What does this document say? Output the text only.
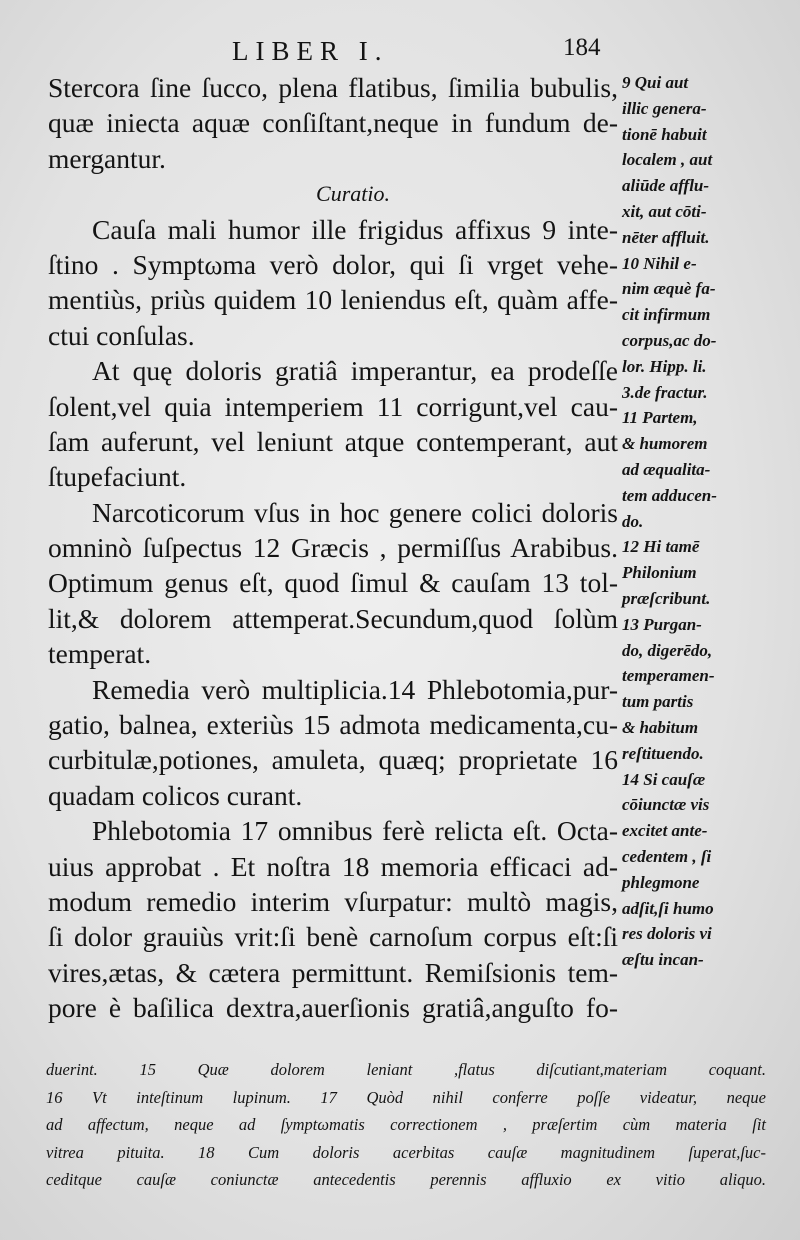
LIBER I.	184
Stercora ſine ſucco, plena flatibus, ſimilia bubulis,
quæ iniecta aquæ conſiſtant,neque in fundum de-
mergantur.
Curatio.
Cauſa mali humor ille frigidus affixus 9 inte-
ſtino . Symptωma verò dolor, qui ſi vrget vehe-
mentiùs, priùs quidem 10 leniendus eſt, quàm affe-
ctui conſulas.
At quę doloris gratiâ imperantur, ea prodeſſe
ſolent,vel quia intemperiem 11 corrigunt,vel cau-
ſam auferunt, vel leniunt atque contemperant, aut
ſtupefaciunt.
Narcoticorum vſus in hoc genere colici doloris
omninò ſuſpectus 12 Græcis , permiſſus Arabibus.
Optimum genus eſt, quod ſimul & cauſam 13 tol-
lit,& dolorem attemperat.Secundum,quod ſolùm
temperat.
Remedia verò multiplicia.14 Phlebotomia,pur-
gatio, balnea, exteriùs 15 admota medicamenta,cu-
curbitulæ,potiones, amuleta, quæq; proprietate 16
quadam colicos curant.
Phlebotomia 17 omnibus ferè relicta eſt. Octa-
uius approbat . Et noſtra 18 memoria efficaci ad-
modum remedio interim vſurpatur: multò magis,
ſi dolor grauiùs vrit:ſi benè carnoſum corpus eſt:ſi
vires,ætas, & cætera permittunt. Remiſsionis tem-
pore è baſilica dextra,auerſionis gratiâ,anguſto fo-
9 Qui aut
illic genera-
tionē habuit
localem , aut
aliūde afflu-
xit, aut cōti-
nēter affluit.
10 Nihil e-
nim æquè fa-
cit infirmum
corpus,ac do-
lor. Hipp. li.
3.de fractur.
11 Partem,
& humorem
ad æqualita-
tem adducen-
do.
12 Hi tamē
Philonium
præſcribunt.
13 Purgan-
do, digerēdo,
temperamen-
tum partis
& habitum
reſtituendo.
14 Si cauſæ
cōiunctæ vis
excitet ante-
cedentem , ſi
phlegmone
adſit,ſi humo
res doloris vi
æſtu incan-
duerint. 15 Quæ dolorem leniant ,flatus diſcutiant,materiam coquant.
16 Vt inteſtinum lupinum. 17 Quòd nihil conferre poſſe videatur, neque
ad affectum, neque ad ſymptωmatis correctionem , præſertim cùm materia ſit
vitrea pituita. 18 Cum doloris acerbitas cauſæ magnitudinem ſuperat,ſuc-
ceditque cauſæ coniunctæ antecedentis perennis affluxio ex vitio aliquo.
